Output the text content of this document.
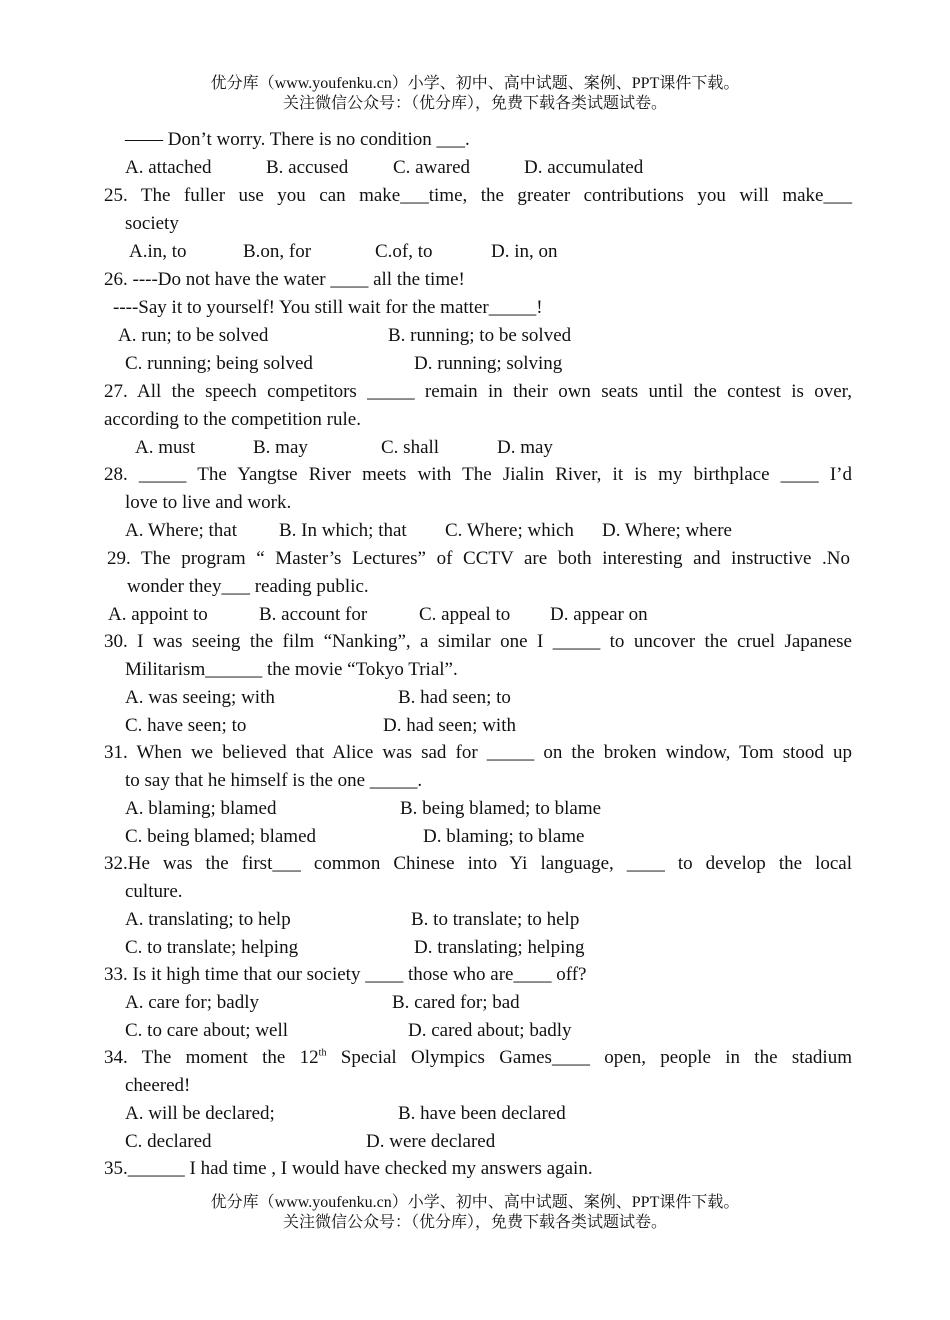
优分库（www.youfenku.cn）小学、初中、高中试题、案例、PPT课件下载。
关注微信公众号：（优分库），免费下载各类试题试卷。
—— Don’t worry. There is no condition ___.
A. attached	B. accused C. awared	D. accumulated
25. The fuller use you can make___time, the greater contributions you will make___
society
A.in, to	B.on, for	C.of, to	D. in, on
26. ----Do not have the water ____ all the time!
----Say it to yourself! You still wait for the matter_____!
A. run; to be solved	B. running; to be solved
C. running; being solved	D. running; solving
27. All the speech competitors _____ remain in their own seats until the contest is over,
according to the competition rule.
A. must	B. may	C. shall	D. may
28. _____ The Yangtse River meets with The Jialin River, it is my birthplace ____ I’d
love to live and work.
A. Where; that B. In which; that C. Where; which D. Where; where
29. The program “ Master’s Lectures” of CCTV are both interesting and instructive .No
wonder they___ reading public.
A. appoint to	B. account for	C. appeal to D. appear on
30. I was seeing the film “Nanking”, a similar one I _____ to uncover the cruel Japanese
Militarism______ the movie “Tokyo Trial”.
A. was seeing; with	B. had seen; to
C. have seen; to	D. had seen; with
31. When we believed that Alice was sad for _____ on the broken window, Tom stood up
to say that he himself is the one _____.
A. blaming; blamed	B. being blamed; to blame
C. being blamed; blamed	D. blaming; to blame
32.He was the first___ common Chinese into Yi language, ____ to develop the local
culture.
A. translating; to help	B. to translate; to help
C. to translate; helping	D. translating; helping
33. Is it high time that our society ____ those who are____ off?
A. care for; badly	B. cared for; bad
C. to care about; well	D. cared about; badly
34. The moment the 12th Special Olympics Games____ open, people in the stadium
cheered!
A. will be declared;	B. have been declared
C. declared	D. were declared
35.______ I had time , I would have checked my answers again.
优分库（www.youfenku.cn）小学、初中、高中试题、案例、PPT课件下载。
关注微信公众号：（优分库），免费下载各类试题试卷。
